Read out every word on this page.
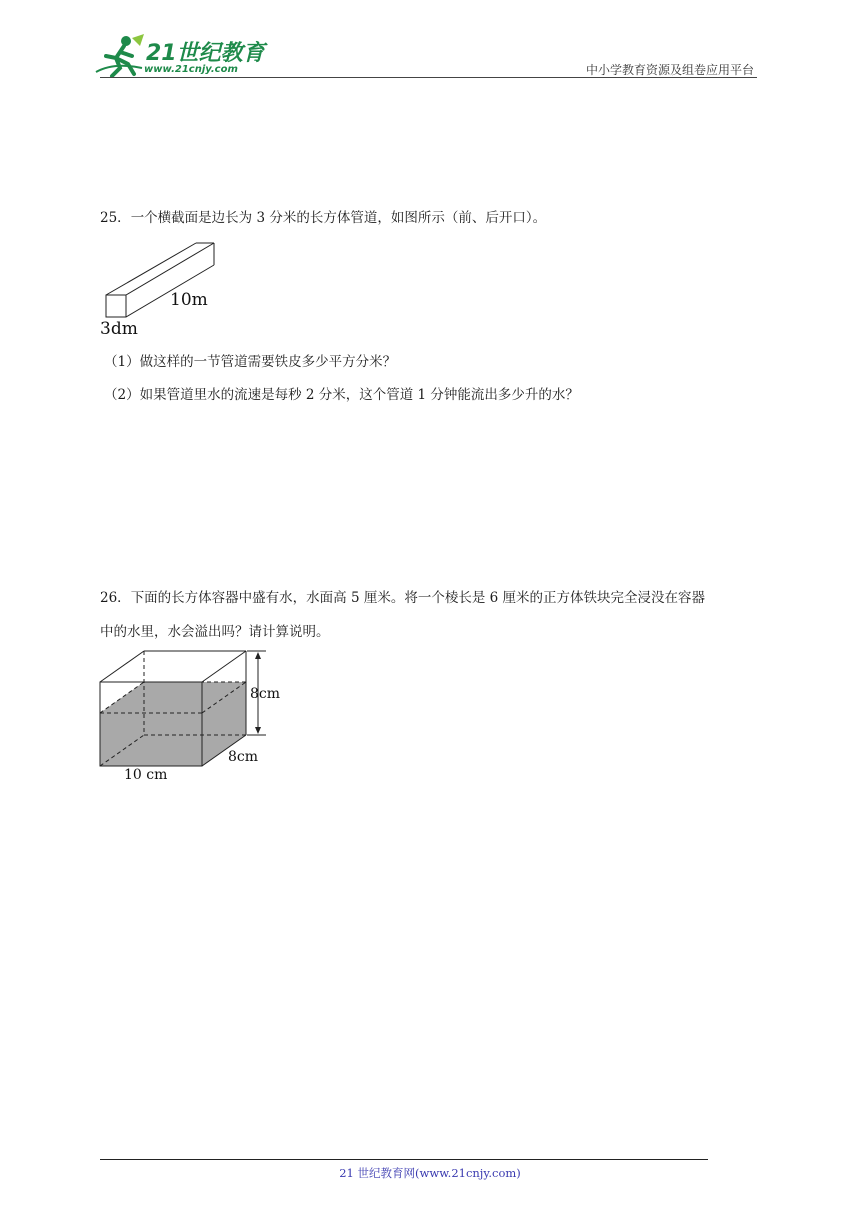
21世纪教育
www.21cnjy.com	中小学教育资源及组卷应用平台
25．一个横截面是边长为 3 分米的长方体管道，如图所示（前、后开口）。
10m
3dm
（1）做这样的一节管道需要铁皮多少平方分米？
（2）如果管道里水的流速是每秒 2 分米，这个管道 1 分钟能流出多少升的水？
26．下面的长方体容器中盛有水，水面高 5 厘米。将一个棱长是 6 厘米的正方体铁块完全浸没在容器
中的水里，水会溢出吗？请计算说明。
8cm
8cm
10 cm
21 世纪教育网(www.21cnjy.com)
